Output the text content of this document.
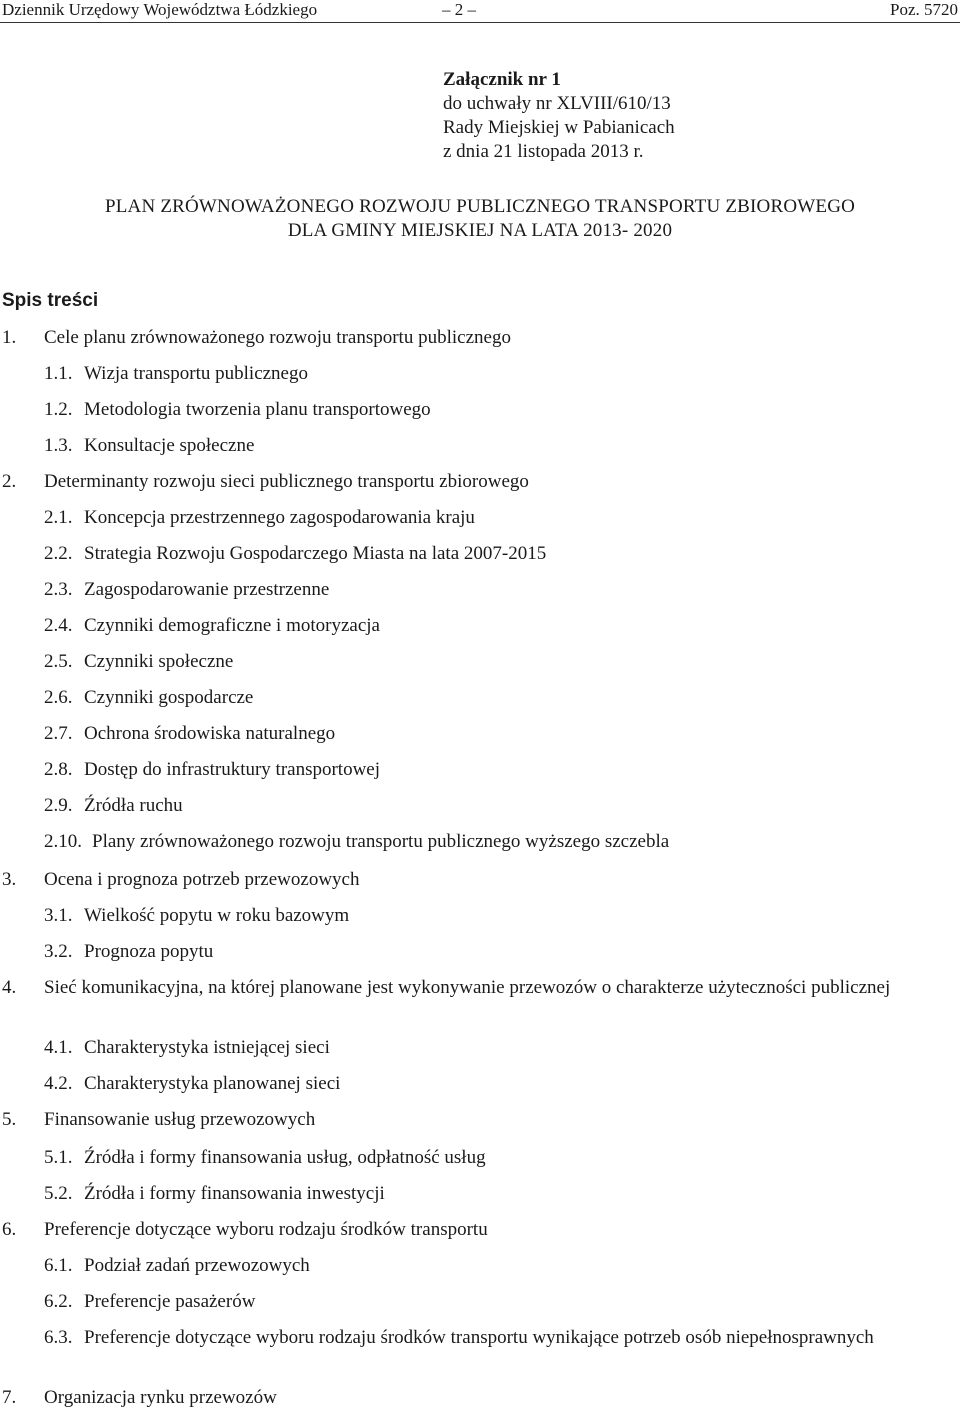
Dziennik Urzędowy Województwa Łódzkiego	– 2 –	Poz. 5720
Załącznik nr 1
do uchwały nr XLVIII/610/13
Rady Miejskiej w Pabianicach
z dnia 21 listopada 2013 r.
PLAN ZRÓWNOWAŻONEGO ROZWOJU PUBLICZNEGO TRANSPORTU ZBIOROWEGO
DLA GMINY MIEJSKIEJ NA LATA 2013- 2020
Spis treści
1. Cele planu zrównoważonego rozwoju transportu publicznego
1.1. Wizja transportu publicznego
1.2. Metodologia tworzenia planu transportowego
1.3. Konsultacje społeczne
2. Determinanty rozwoju sieci publicznego transportu zbiorowego
2.1. Koncepcja przestrzennego zagospodarowania kraju
2.2. Strategia Rozwoju Gospodarczego Miasta na lata 2007-2015
2.3. Zagospodarowanie przestrzenne
2.4. Czynniki demograficzne i motoryzacja
2.5. Czynniki społeczne
2.6. Czynniki gospodarcze
2.7. Ochrona środowiska naturalnego
2.8. Dostęp do infrastruktury transportowej
2.9. Źródła ruchu
2.10. Plany zrównoważonego rozwoju transportu publicznego wyższego szczebla
3. Ocena i prognoza potrzeb przewozowych
3.1. Wielkość popytu w roku bazowym
3.2. Prognoza popytu
4. Sieć komunikacyjna, na której planowane jest wykonywanie przewozów o charakterze użyteczności publicznej
4.1. Charakterystyka istniejącej sieci
4.2. Charakterystyka planowanej sieci
5. Finansowanie usług przewozowych
5.1. Źródła i formy finansowania usług, odpłatność usług
5.2. Źródła i formy finansowania inwestycji
6. Preferencje dotyczące wyboru rodzaju środków transportu
6.1. Podział zadań przewozowych
6.2. Preferencje pasażerów
6.3. Preferencje dotyczące wyboru rodzaju środków transportu wynikające potrzeb osób niepełnosprawnych
7. Organizacja rynku przewozów
